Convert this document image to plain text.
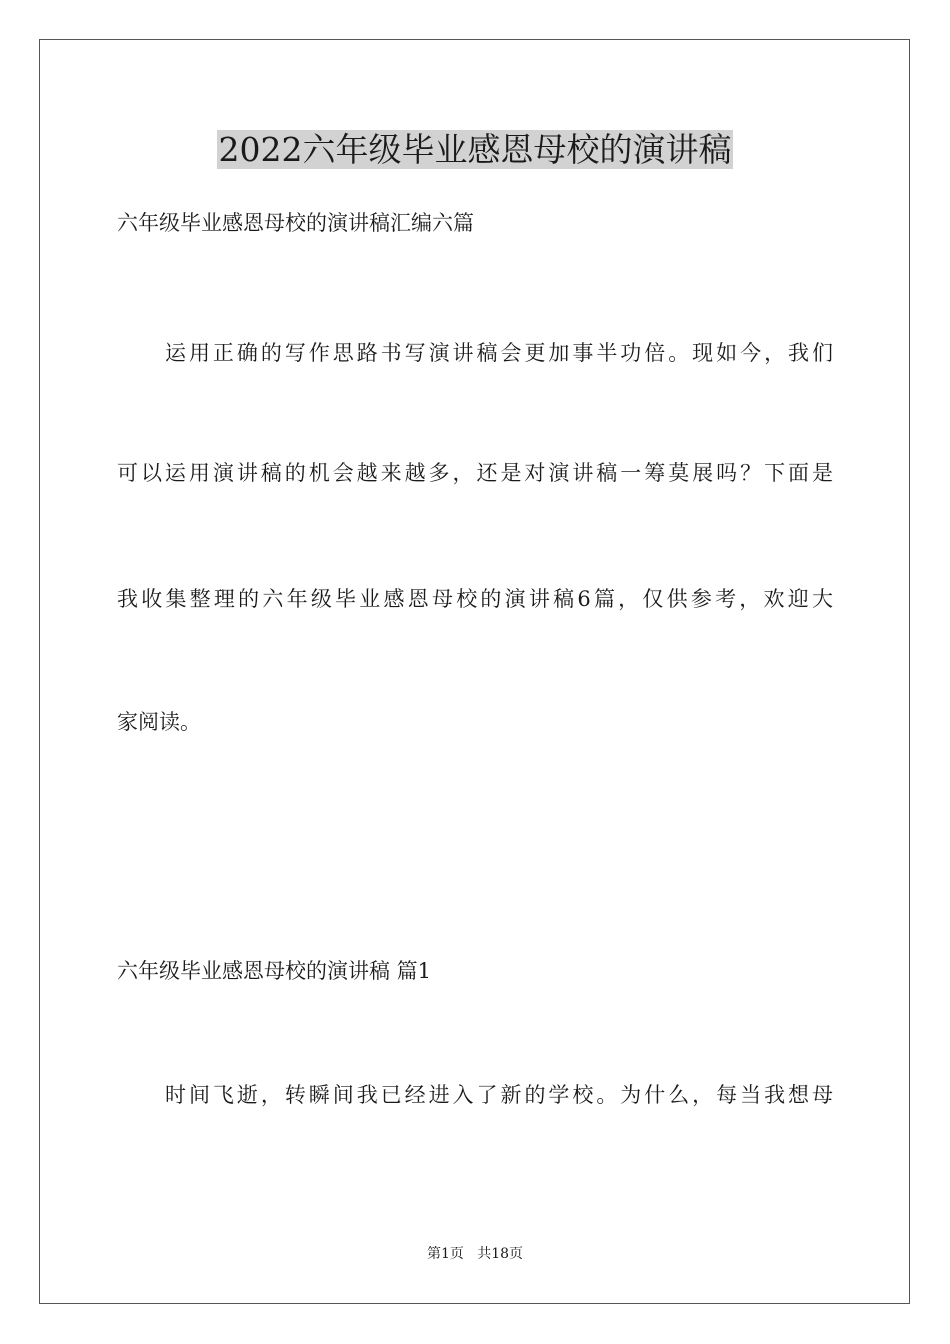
2022六年级毕业感恩母校的演讲稿
六年级毕业感恩母校的演讲稿汇编六篇
运用正确的写作思路书写演讲稿会更加事半功倍。现如今，我们
可以运用演讲稿的机会越来越多，还是对演讲稿一筹莫展吗？下面是
我收集整理的六年级毕业感恩母校的演讲稿6篇，仅供参考，欢迎大
家阅读。
六年级毕业感恩母校的演讲稿 篇1
时间飞逝，转瞬间我已经进入了新的学校。为什么，每当我想母
第1页   共18页
